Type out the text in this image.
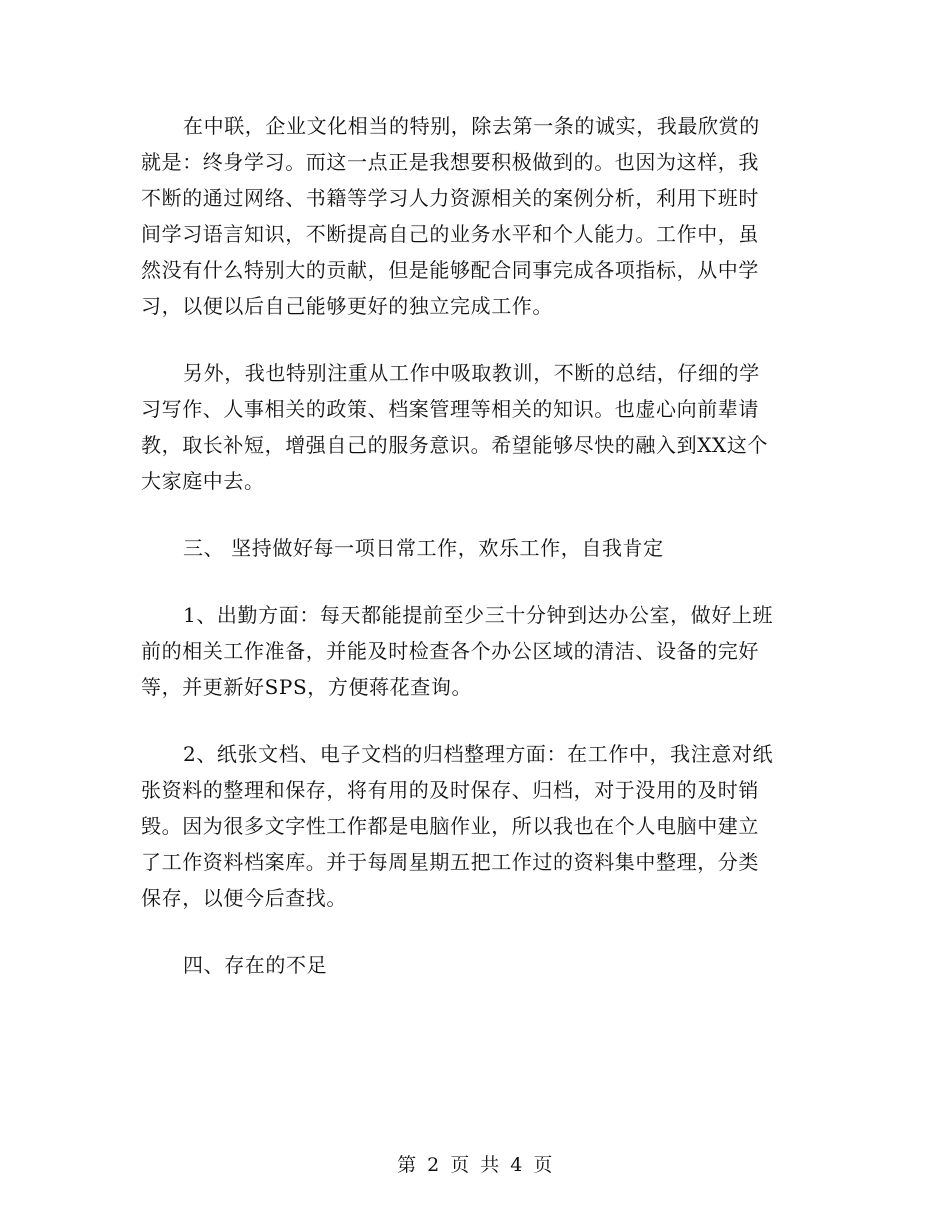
在中联，企业文化相当的特别，除去第一条的诚实，我最欣赏的
就是：终身学习。而这一点正是我想要积极做到的。也因为这样，我
不断的通过网络、书籍等学习人力资源相关的案例分析，利用下班时
间学习语言知识，不断提高自己的业务水平和个人能力。工作中，虽
然没有什么特别大的贡献，但是能够配合同事完成各项指标，从中学
习，以便以后自己能够更好的独立完成工作。
另外，我也特别注重从工作中吸取教训，不断的总结，仔细的学
习写作、人事相关的政策、档案管理等相关的知识。也虚心向前辈请
教，取长补短，增强自己的服务意识。希望能够尽快的融入到XX这个
大家庭中去。
三、 坚持做好每一项日常工作，欢乐工作，自我肯定
1、出勤方面：每天都能提前至少三十分钟到达办公室，做好上班
前的相关工作准备，并能及时检查各个办公区域的清洁、设备的完好
等，并更新好SPS，方便蒋花查询。
2、纸张文档、电子文档的归档整理方面：在工作中，我注意对纸
张资料的整理和保存，将有用的及时保存、归档，对于没用的及时销
毁。因为很多文字性工作都是电脑作业，所以我也在个人电脑中建立
了工作资料档案库。并于每周星期五把工作过的资料集中整理，分类
保存，以便今后查找。
四、存在的不足
第 2 页 共 4 页
